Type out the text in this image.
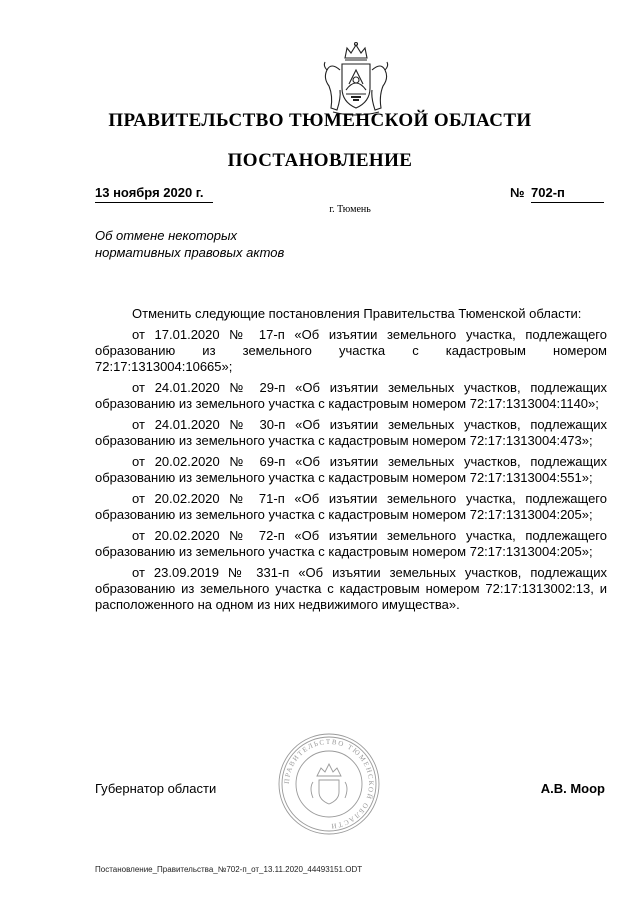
ПРАВИТЕЛЬСТВО ТЮМЕНСКОЙ ОБЛАСТИ
ПОСТАНОВЛЕНИЕ
13 ноября 2020 г.	№ 702-п
г. Тюмень
Об отмене некоторых
нормативных правовых актов

Отменить следующие постановления Правительства Тюменской области:

от 17.01.2020 № 17-п «Об изъятии земельного участка, подлежащего образованию из земельного участка с кадастровым номером 72:17:1313004:10665»;

от 24.01.2020 № 29-п «Об изъятии земельных участков, подлежащих образованию из земельного участка с кадастровым номером 72:17:1313004:1140»;

от 24.01.2020 № 30-п «Об изъятии земельных участков, подлежащих образованию из земельного участка с кадастровым номером 72:17:1313004:473»;

от 20.02.2020 № 69-п «Об изъятии земельных участков, подлежащих образованию из земельного участка с кадастровым номером 72:17:1313004:551»;

от 20.02.2020 № 71-п «Об изъятии земельного участка, подлежащего образованию из земельного участка с кадастровым номером 72:17:1313004:205»;

от 20.02.2020 № 72-п «Об изъятии земельного участка, подлежащего образованию из земельного участка с кадастровым номером 72:17:1313004:205»;

от 23.09.2019 № 331-п «Об изъятии земельных участков, подлежащих образованию из земельного участка с кадастровым номером 72:17:1313002:13, и расположенного на одном из них недвижимого имущества».

ПРАВИТЕЛЬСТВО ТЮМЕНСКОЙ ОБЛАСТИ
Губернатор области	А.В. Моор
Постановление_Правительства_№702-п_от_13.11.2020_44493151.ODT
